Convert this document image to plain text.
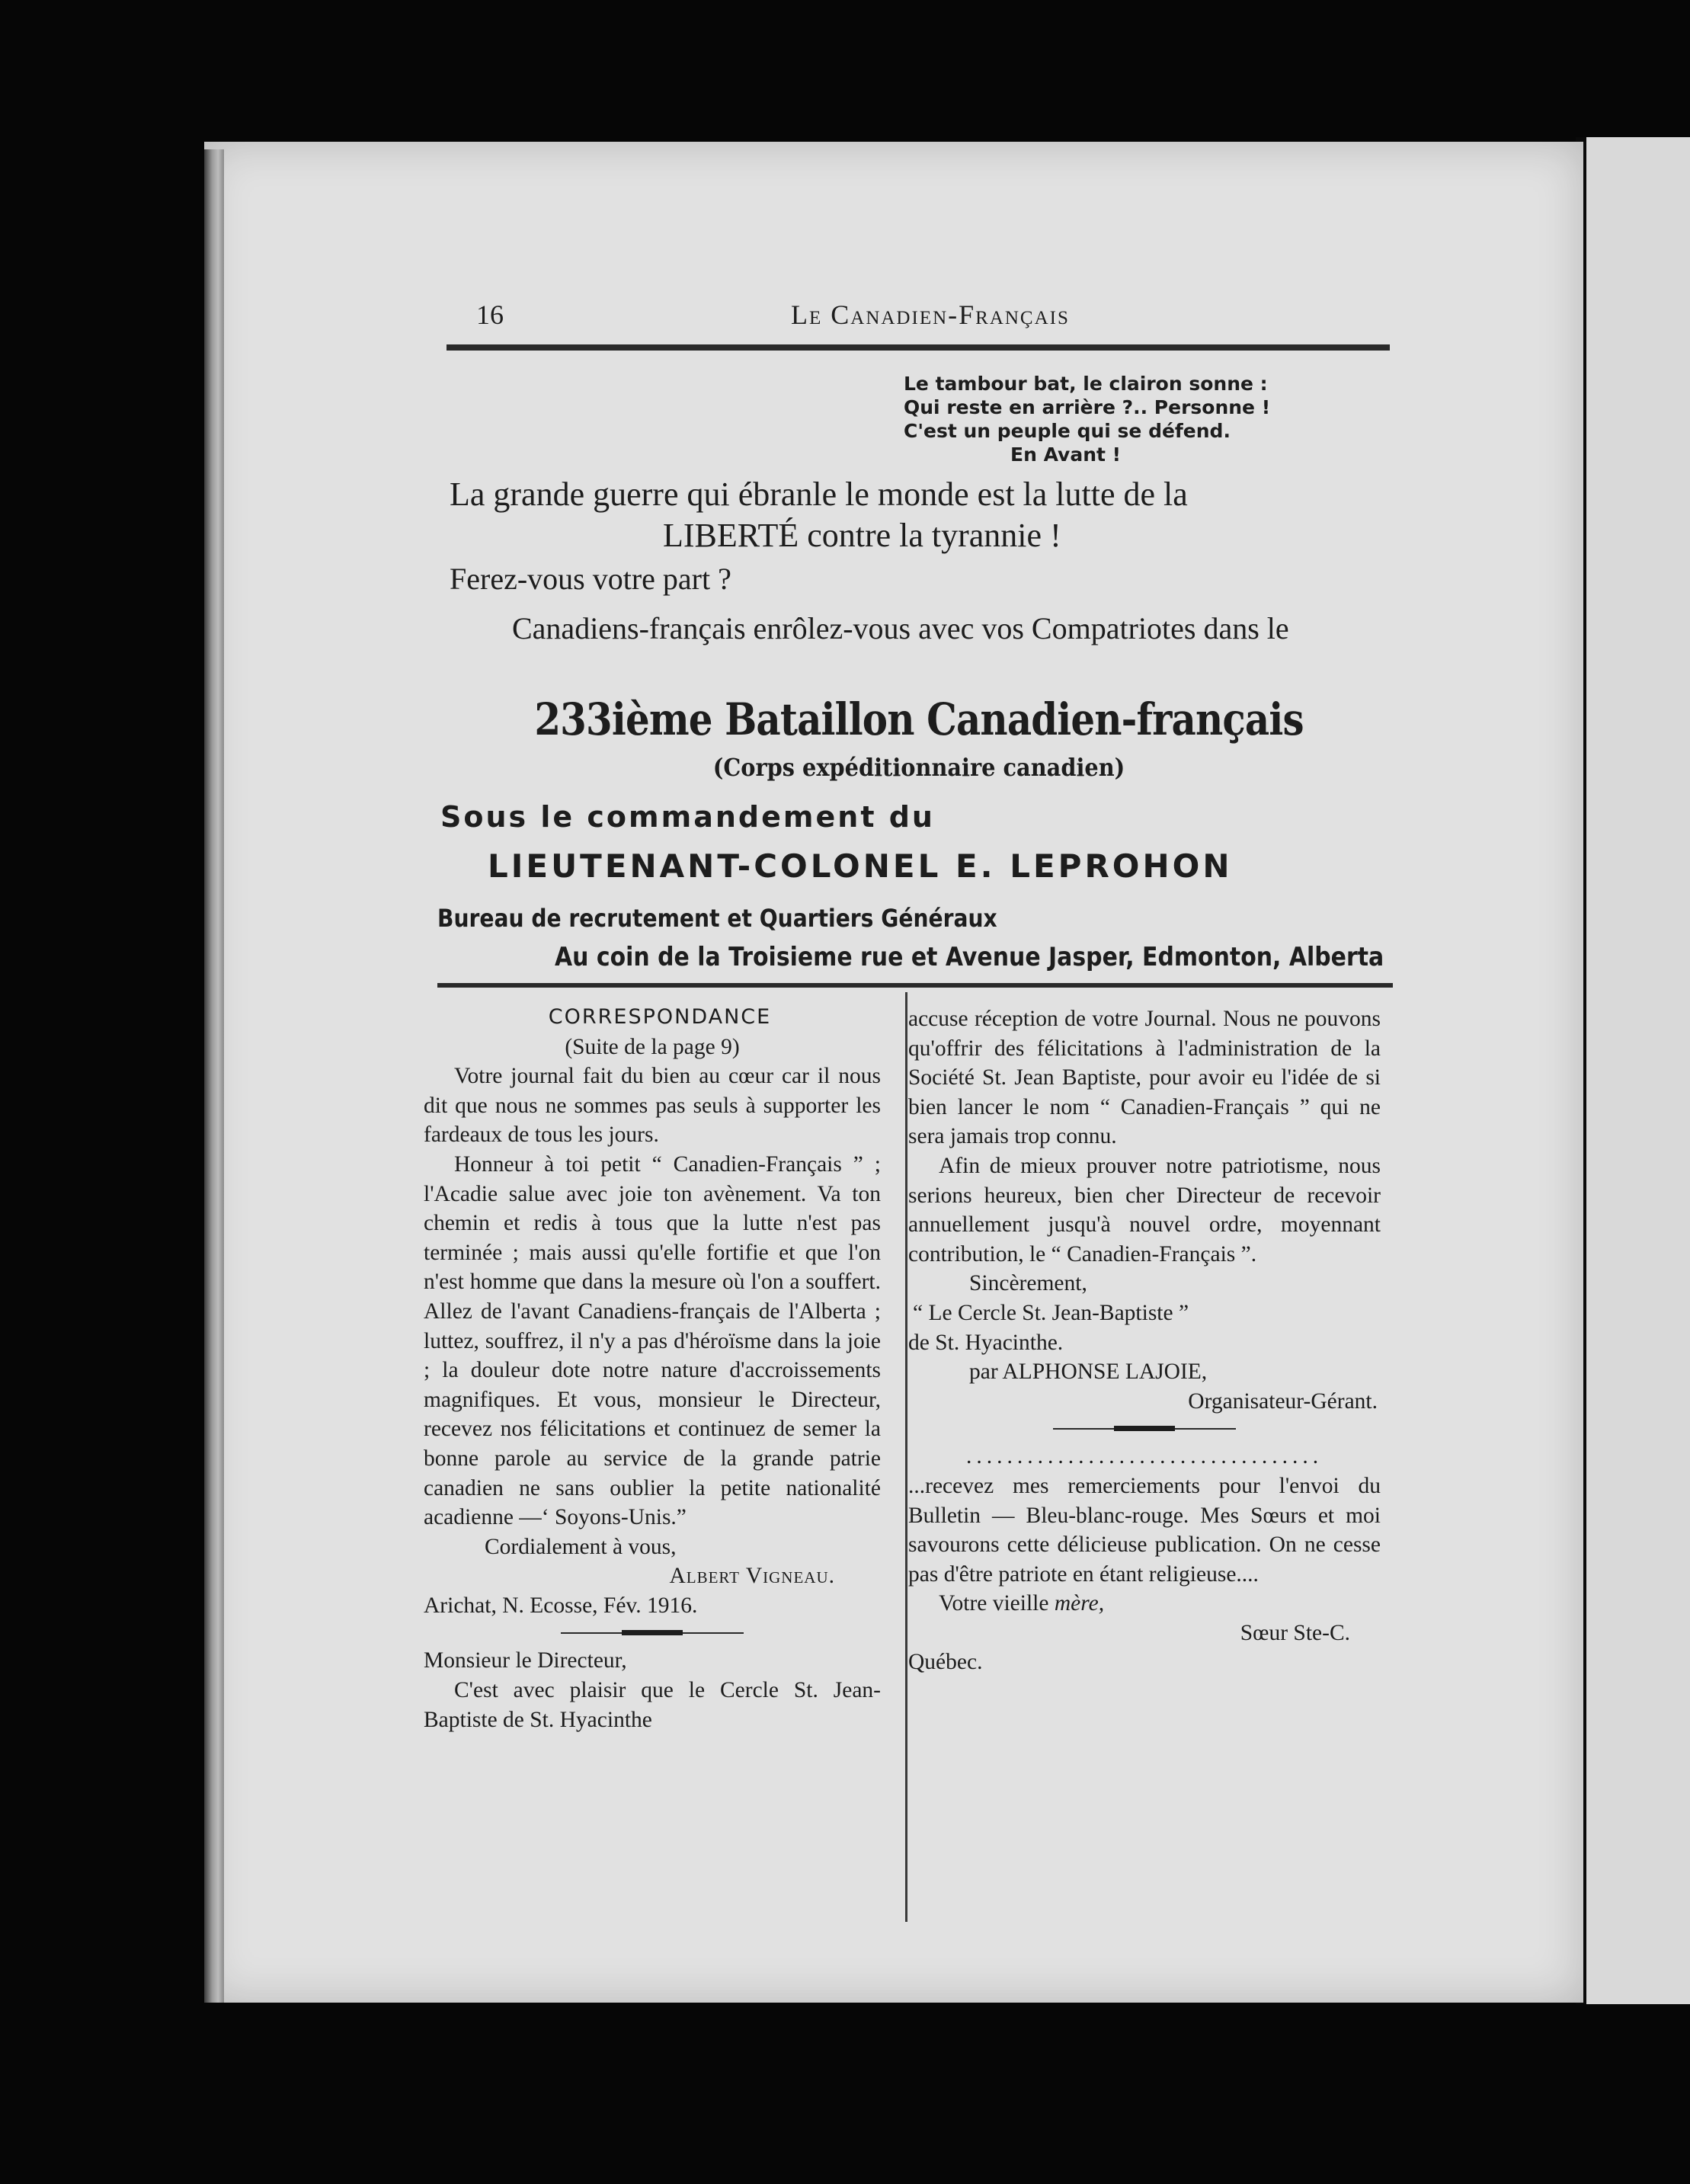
16	Le Canadien-Français
Le tambour bat, le clairon sonne :
Qui reste en arrière ?.. Personne !
C'est un peuple qui se défend.
En Avant !
La grande guerre qui ébranle le monde est la lutte de la
LIBERTÉ contre la tyrannie !
Ferez-vous votre part ?
Canadiens-français enrôlez-vous avec vos Compatriotes dans le
233ième Bataillon Canadien-français
(Corps expéditionnaire canadien)
Sous le commandement du
LIEUTENANT-COLONEL E. LEPROHON
Bureau de recrutement et Quartiers Généraux
Au coin de la Troisieme rue et Avenue Jasper, Edmonton, Alberta
CORRESPONDANCE

(Suite de la page 9)

Votre journal fait du bien au cœur car il nous dit que nous ne sommes pas seuls à supporter les fardeaux de tous les jours.

Honneur à toi petit “ Canadien-Français ” ; l'Acadie salue avec joie ton avènement. Va ton chemin et redis à tous que la lutte n'est pas terminée ; mais aussi qu'elle fortifie et que l'on n'est homme que dans la mesure où l'on a souffert. Allez de l'avant Canadiens-français de l'Alberta ; luttez, souffrez, il n'y a pas d'héroïsme dans la joie ; la douleur dote notre nature d'accroissements magnifiques. Et vous, monsieur le Directeur, recevez nos félicitations et continuez de semer la bonne parole au service de la grande patrie canadien ne sans oublier la petite nationalité acadienne —‘ Soyons-Unis.”

Cordialement à vous,

Albert Vigneau.

Arichat, N. Ecosse, Fév. 1916.

Monsieur le Directeur,

C'est avec plaisir que le Cercle St. Jean-Baptiste de St. Hyacinthe

accuse réception de votre Journal. Nous ne pouvons qu'offrir des félicitations à l'administration de la Société St. Jean Baptiste, pour avoir eu l'idée de si bien lancer le nom “ Canadien-Français ” qui ne sera jamais trop connu.

Afin de mieux prouver notre patriotisme, nous serions heureux, bien cher Directeur de recevoir annuellement jusqu'à nouvel ordre, moyennant contribution, le “ Canadien-Français ”.

Sincèrement,

“ Le Cercle St. Jean-Baptiste ”

de St. Hyacinthe.

par ALPHONSE LAJOIE,

Organisateur-Gérant.

...................................

...recevez mes remerciements pour l'envoi du Bulletin — Bleu-blanc-rouge. Mes Sœurs et moi savourons cette délicieuse publication. On ne cesse pas d'être patriote en étant religieuse....

Votre vieille mère,

Sœur Ste-C.

Québec.
